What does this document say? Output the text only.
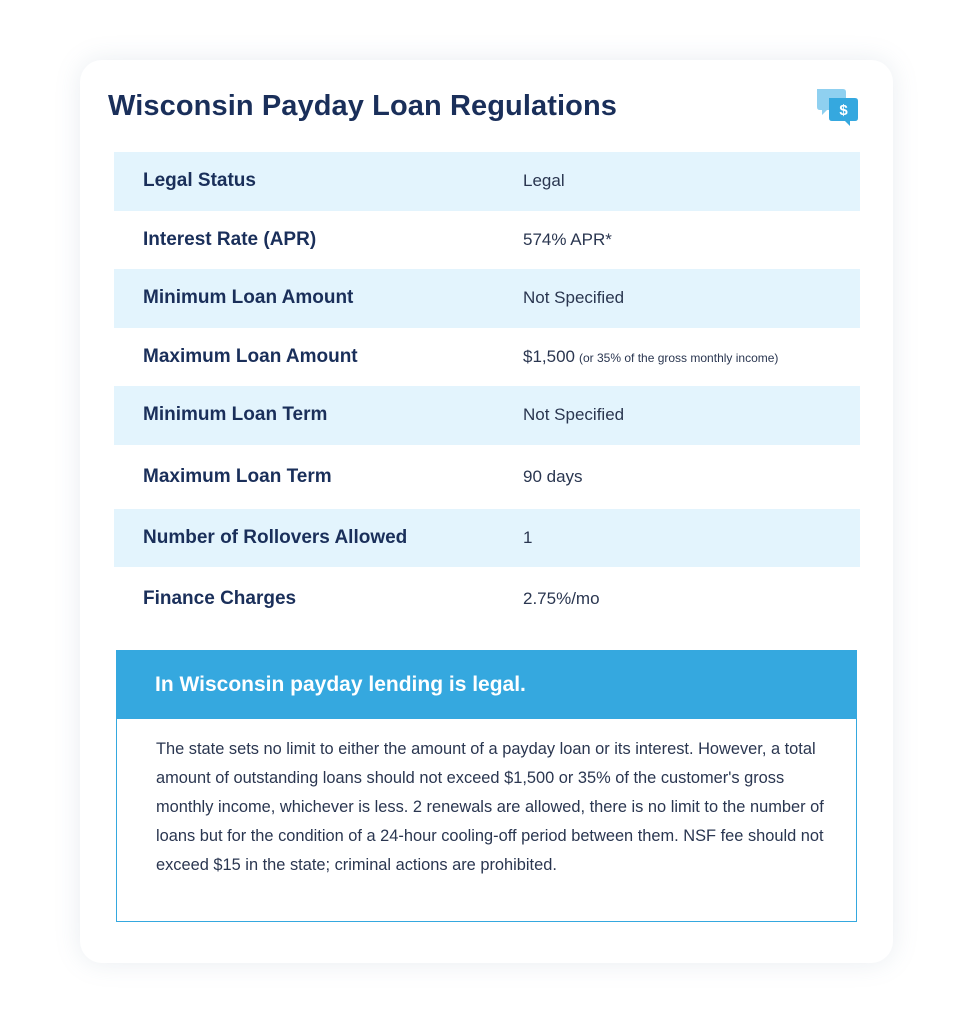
Wisconsin Payday Loan Regulations	$
Legal Status	Legal
Interest Rate (APR)	574% APR*
Minimum Loan Amount	Not Specified
Maximum Loan Amount	$1,500 (or 35% of the gross monthly income)
Minimum Loan Term	Not Specified
Maximum Loan Term	90 days
Number of Rollovers Allowed	1
Finance Charges	2.75%/mo
In Wisconsin payday lending is legal.

The state sets no limit to either the amount of a payday loan or its interest. However, a total amount of outstanding loans should not exceed $1,500 or 35% of the customer's gross monthly income, whichever is less. 2 renewals are allowed, there is no limit to the number of loans but for the condition of a 24-hour cooling-off period between them. NSF fee should not exceed $15 in the state; criminal actions are prohibited.
